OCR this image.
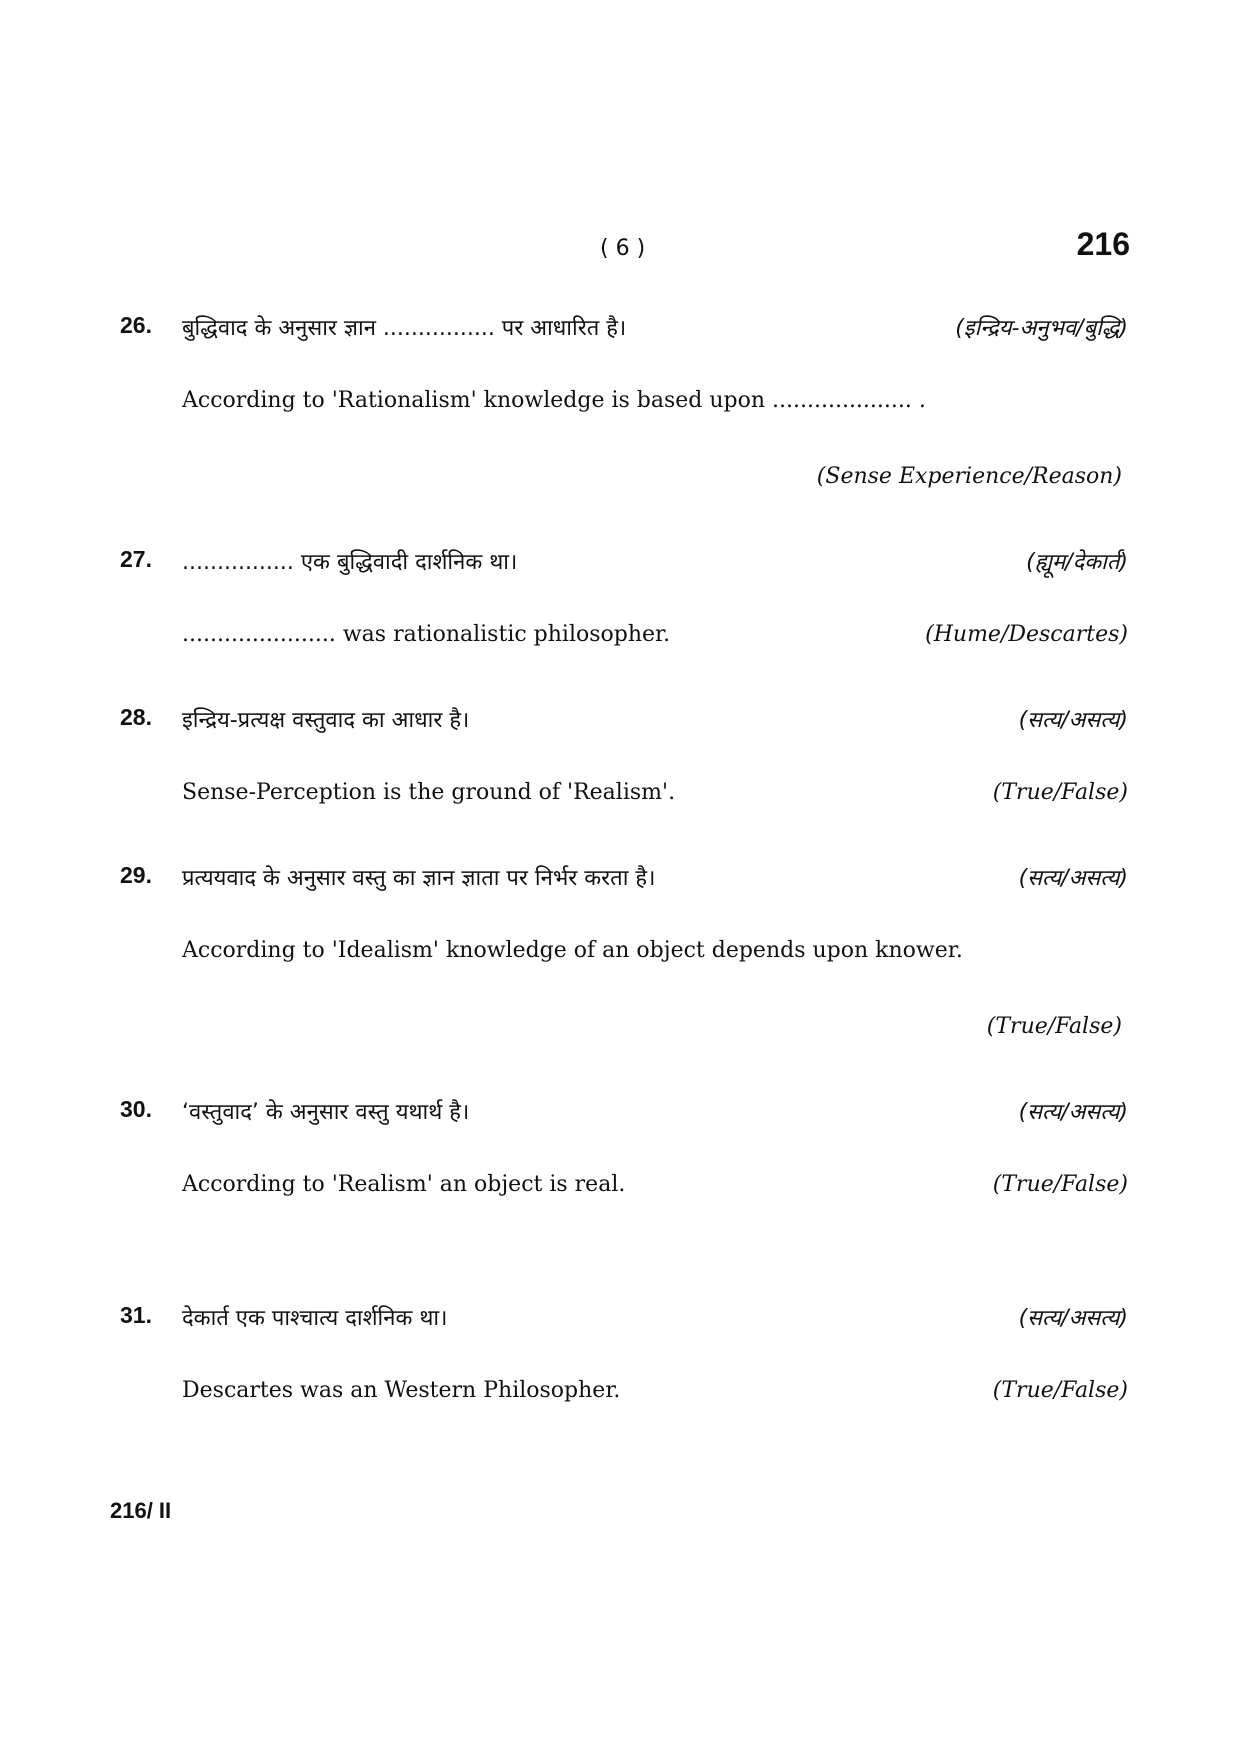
( 6 )	216
26. बुद्धिवाद के अनुसार ज्ञान ................ पर आधारित है।	(इन्द्रिय-अनुभव/बुद्धि)
According to 'Rationalism' knowledge is based upon .................... .
(Sense Experience/Reason)
27. ................ एक बुद्धिवादी दार्शनिक था।	(ह्यूम/देकार्त)
...................... was rationalistic philosopher.	(Hume/Descartes)
28. इन्द्रिय-प्रत्यक्ष वस्तुवाद का आधार है।	(सत्य/असत्य)
Sense-Perception is the ground of 'Realism'.	(True/False)
29. प्रत्ययवाद के अनुसार वस्तु का ज्ञान ज्ञाता पर निर्भर करता है।	(सत्य/असत्य)
According to 'Idealism' knowledge of an object depends upon knower.
(True/False)
30. ‘वस्तुवाद’ के अनुसार वस्तु यथार्थ है।	(सत्य/असत्य)
According to 'Realism' an object is real.	(True/False)
31. देकार्त एक पाश्चात्य दार्शनिक था।	(सत्य/असत्य)
Descartes was an Western Philosopher.	(True/False)
216/ II
